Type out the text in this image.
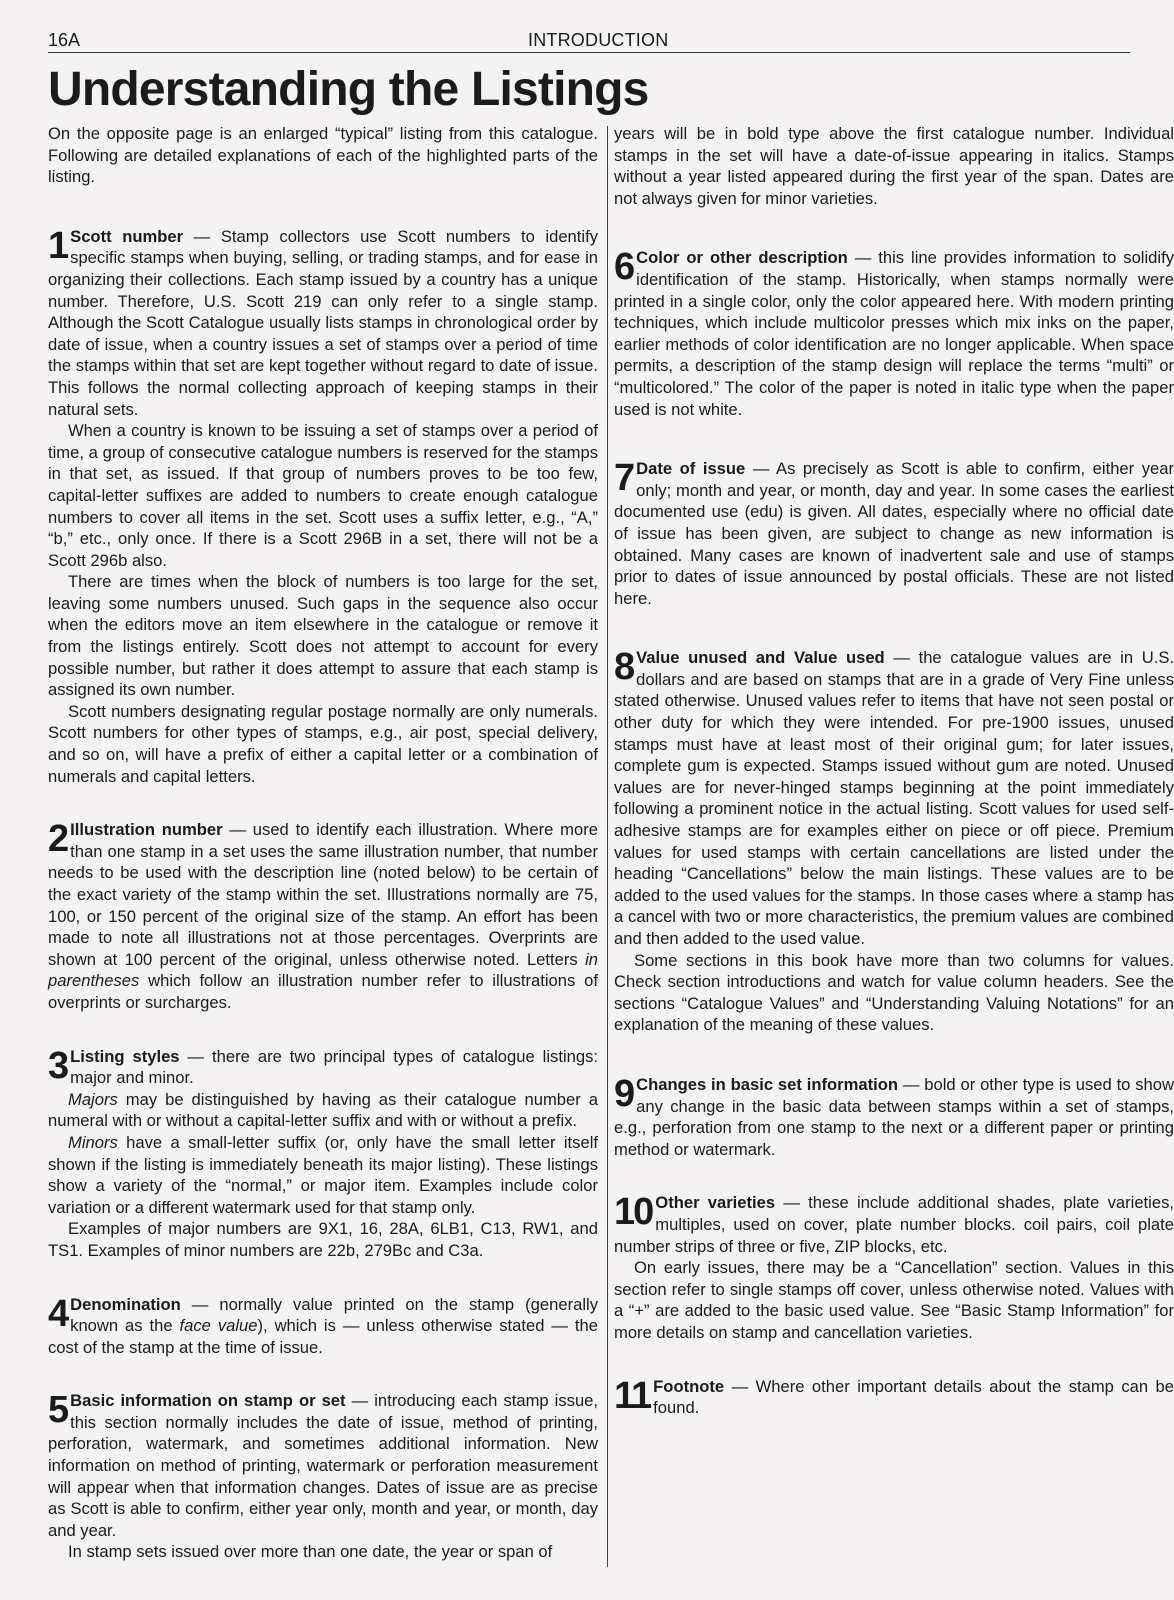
16A	INTRODUCTION
Understanding the Listings

On the opposite page is an enlarged “typical” listing from this catalogue. Following are detailed explanations of each of the highlighted parts of the listing.

1 Scott number — Stamp collectors use Scott numbers to identify specific stamps when buying, selling, or trading stamps, and for ease in organizing their collections. Each stamp issued by a country has a unique number. Therefore, U.S. Scott 219 can only refer to a single stamp. Although the Scott Catalogue usually lists stamps in chronological order by date of issue, when a country issues a set of stamps over a period of time the stamps within that set are kept together without regard to date of issue. This follows the normal collecting approach of keeping stamps in their natural sets.

When a country is known to be issuing a set of stamps over a period of time, a group of consecutive catalogue numbers is reserved for the stamps in that set, as issued. If that group of numbers proves to be too few, capital-letter suffixes are added to numbers to create enough catalogue numbers to cover all items in the set. Scott uses a suffix letter, e.g., “A,” “b,” etc., only once. If there is a Scott 296B in a set, there will not be a Scott 296b also.

There are times when the block of numbers is too large for the set, leaving some numbers unused. Such gaps in the sequence also occur when the editors move an item elsewhere in the catalogue or remove it from the listings entirely. Scott does not attempt to account for every possible number, but rather it does attempt to assure that each stamp is assigned its own number.

Scott numbers designating regular postage normally are only numerals. Scott numbers for other types of stamps, e.g., air post, special delivery, and so on, will have a prefix of either a capital letter or a combination of numerals and capital letters.

2 Illustration number — used to identify each illustration. Where more than one stamp in a set uses the same illustration number, that number needs to be used with the description line (noted below) to be certain of the exact variety of the stamp within the set. Illustrations normally are 75, 100, or 150 percent of the original size of the stamp. An effort has been made to note all illustrations not at those percentages. Overprints are shown at 100 percent of the original, unless otherwise noted. Letters in parentheses which follow an illustration number refer to illustrations of overprints or surcharges.

3 Listing styles — there are two principal types of catalogue listings: major and minor.

Majors may be distinguished by having as their catalogue number a numeral with or without a capital-letter suffix and with or without a prefix.

Minors have a small-letter suffix (or, only have the small letter itself shown if the listing is immediately beneath its major listing). These listings show a variety of the “normal,” or major item. Examples include color variation or a different watermark used for that stamp only.

Examples of major numbers are 9X1, 16, 28A, 6LB1, C13, RW1, and TS1. Examples of minor numbers are 22b, 279Bc and C3a.

4 Denomination — normally value printed on the stamp (generally known as the face value), which is — unless otherwise stated — the cost of the stamp at the time of issue.

5 Basic information on stamp or set — introducing each stamp issue, this section normally includes the date of issue, method of printing, perforation, watermark, and sometimes additional information. New information on method of printing, watermark or perforation measurement will appear when that information changes. Dates of issue are as precise as Scott is able to confirm, either year only, month and year, or month, day and year.

In stamp sets issued over more than one date, the year or span of

years will be in bold type above the first catalogue number. Individual stamps in the set will have a date-of-issue appearing in italics. Stamps without a year listed appeared during the first year of the span. Dates are not always given for minor varieties.

6 Color or other description — this line provides information to solidify identification of the stamp. Historically, when stamps normally were printed in a single color, only the color appeared here. With modern printing techniques, which include multicolor presses which mix inks on the paper, earlier methods of color identification are no longer applicable. When space permits, a description of the stamp design will replace the terms “multi” or “multicolored.” The color of the paper is noted in italic type when the paper used is not white.

7 Date of issue — As precisely as Scott is able to confirm, either year only; month and year, or month, day and year. In some cases the earliest documented use (edu) is given. All dates, especially where no official date of issue has been given, are subject to change as new information is obtained. Many cases are known of inadvertent sale and use of stamps prior to dates of issue announced by postal officials. These are not listed here.

8 Value unused and Value used — the catalogue values are in U.S. dollars and are based on stamps that are in a grade of Very Fine unless stated otherwise. Unused values refer to items that have not seen postal or other duty for which they were intended. For pre-1900 issues, unused stamps must have at least most of their original gum; for later issues, complete gum is expected. Stamps issued without gum are noted. Unused values are for never-hinged stamps beginning at the point immediately following a prominent notice in the actual listing. Scott values for used self-adhesive stamps are for examples either on piece or off piece. Premium values for used stamps with certain cancellations are listed under the heading “Cancellations” below the main listings. These values are to be added to the used values for the stamps. In those cases where a stamp has a cancel with two or more characteristics, the premium values are combined and then added to the used value.

Some sections in this book have more than two columns for values. Check section introductions and watch for value column headers. See the sections “Catalogue Values” and “Understanding Valuing Notations” for an explanation of the meaning of these values.

9 Changes in basic set information — bold or other type is used to show any change in the basic data between stamps within a set of stamps, e.g., perforation from one stamp to the next or a different paper or printing method or watermark.

10 Other varieties — these include additional shades, plate varieties, multiples, used on cover, plate number blocks. coil pairs, coil plate number strips of three or five, ZIP blocks, etc.

On early issues, there may be a “Cancellation” section. Values in this section refer to single stamps off cover, unless otherwise noted. Values with a “+” are added to the basic used value. See “Basic Stamp Information” for more details on stamp and cancellation varieties.

11 Footnote — Where other important details about the stamp can be found.
